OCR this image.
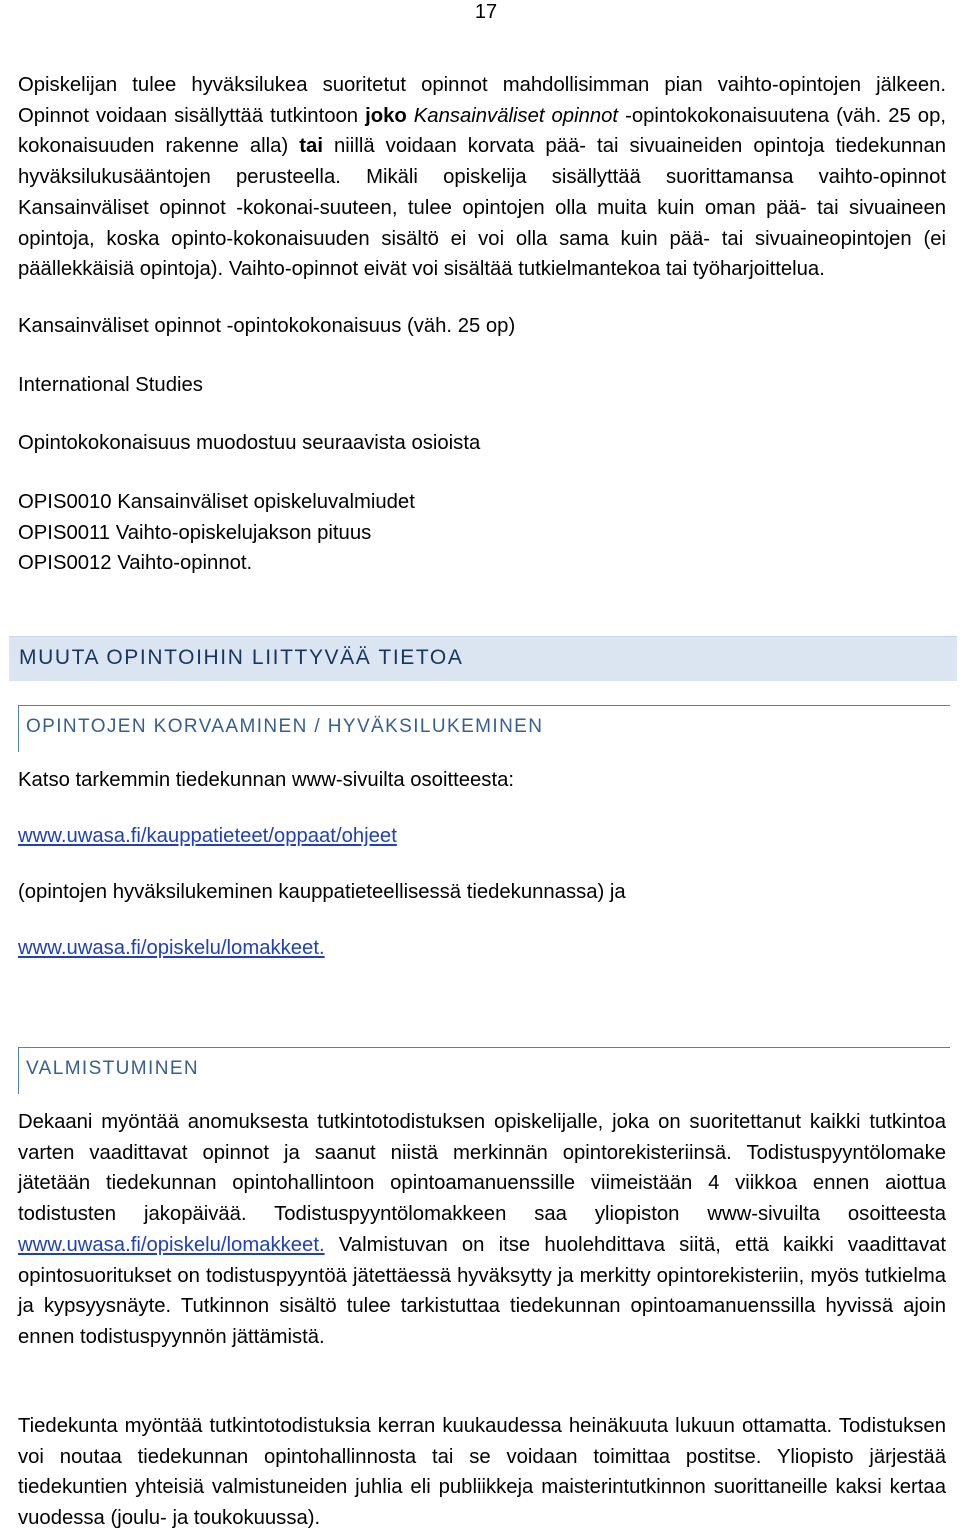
17

Opiskelijan tulee hyväksilukea suoritetut opinnot mahdollisimman pian vaihto-opintojen jälkeen. Opinnot voidaan sisällyttää tutkintoon joko Kansainväliset opinnot -opintokokonaisuutena (väh. 25 op, kokonaisuuden rakenne alla) tai niillä voidaan korvata pää- tai sivuaineiden opintoja tiedekunnan hyväksilukusääntojen perusteella. Mikäli opiskelija sisällyttää suorittamansa vaihto-opinnot Kansainväliset opinnot -kokonai-suuteen, tulee opintojen olla muita kuin oman pää- tai sivuaineen opintoja, koska opinto-kokonaisuuden sisältö ei voi olla sama kuin pää- tai sivuaineopintojen (ei päällekkäisiä opintoja). Vaihto-opinnot eivät voi sisältää tutkielmantekoa tai työharjoittelua.

Kansainväliset opinnot -opintokokonaisuus (väh. 25 op)

International Studies

Opintokokonaisuus muodostuu seuraavista osioista

OPIS0010 Kansainväliset opiskeluvalmiudet
OPIS0011 Vaihto-opiskelujakson pituus
OPIS0012 Vaihto-opinnot.

MUUTA OPINTOIHIN LIITTYVÄÄ TIETOA
OPINTOJEN KORVAAMINEN / HYVÄKSILUKEMINEN

Katso tarkemmin tiedekunnan www-sivuilta osoitteesta:

www.uwasa.fi/kauppatieteet/oppaat/ohjeet

(opintojen hyväksilukeminen kauppatieteellisessä tiedekunnassa) ja

www.uwasa.fi/opiskelu/lomakkeet.

VALMISTUMINEN

Dekaani myöntää anomuksesta tutkintotodistuksen opiskelijalle, joka on suoritettanut kaikki tutkintoa varten vaadittavat opinnot ja saanut niistä merkinnän opintorekisteriinsä. Todistuspyyntölomake jätetään tiedekunnan opintohallintoon opintoamanuenssille viimeistään 4 viikkoa ennen aiottua todistusten jakopäivää. Todistuspyyntölomakkeen saa yliopiston www-sivuilta osoitteesta www.uwasa.fi/opiskelu/lomakkeet. Valmistuvan on itse huolehdittava siitä, että kaikki vaadittavat opintosuoritukset on todistuspyyntöä jätettäessä hyväksytty ja merkitty opintorekisteriin, myös tutkielma ja kypsyysnäyte. Tutkinnon sisältö tulee tarkistuttaa tiedekunnan opintoamanuenssilla hyvissä ajoin ennen todistuspyynnön jättämistä.

Tiedekunta myöntää tutkintotodistuksia kerran kuukaudessa heinäkuuta lukuun ottamatta. Todistuksen voi noutaa tiedekunnan opintohallinnosta tai se voidaan toimittaa postitse. Yliopisto järjestää tiedekuntien yhteisiä valmistuneiden juhlia eli publiikkeja maisterintutkinnon suorittaneille kaksi kertaa vuodessa (joulu- ja toukokuussa).
